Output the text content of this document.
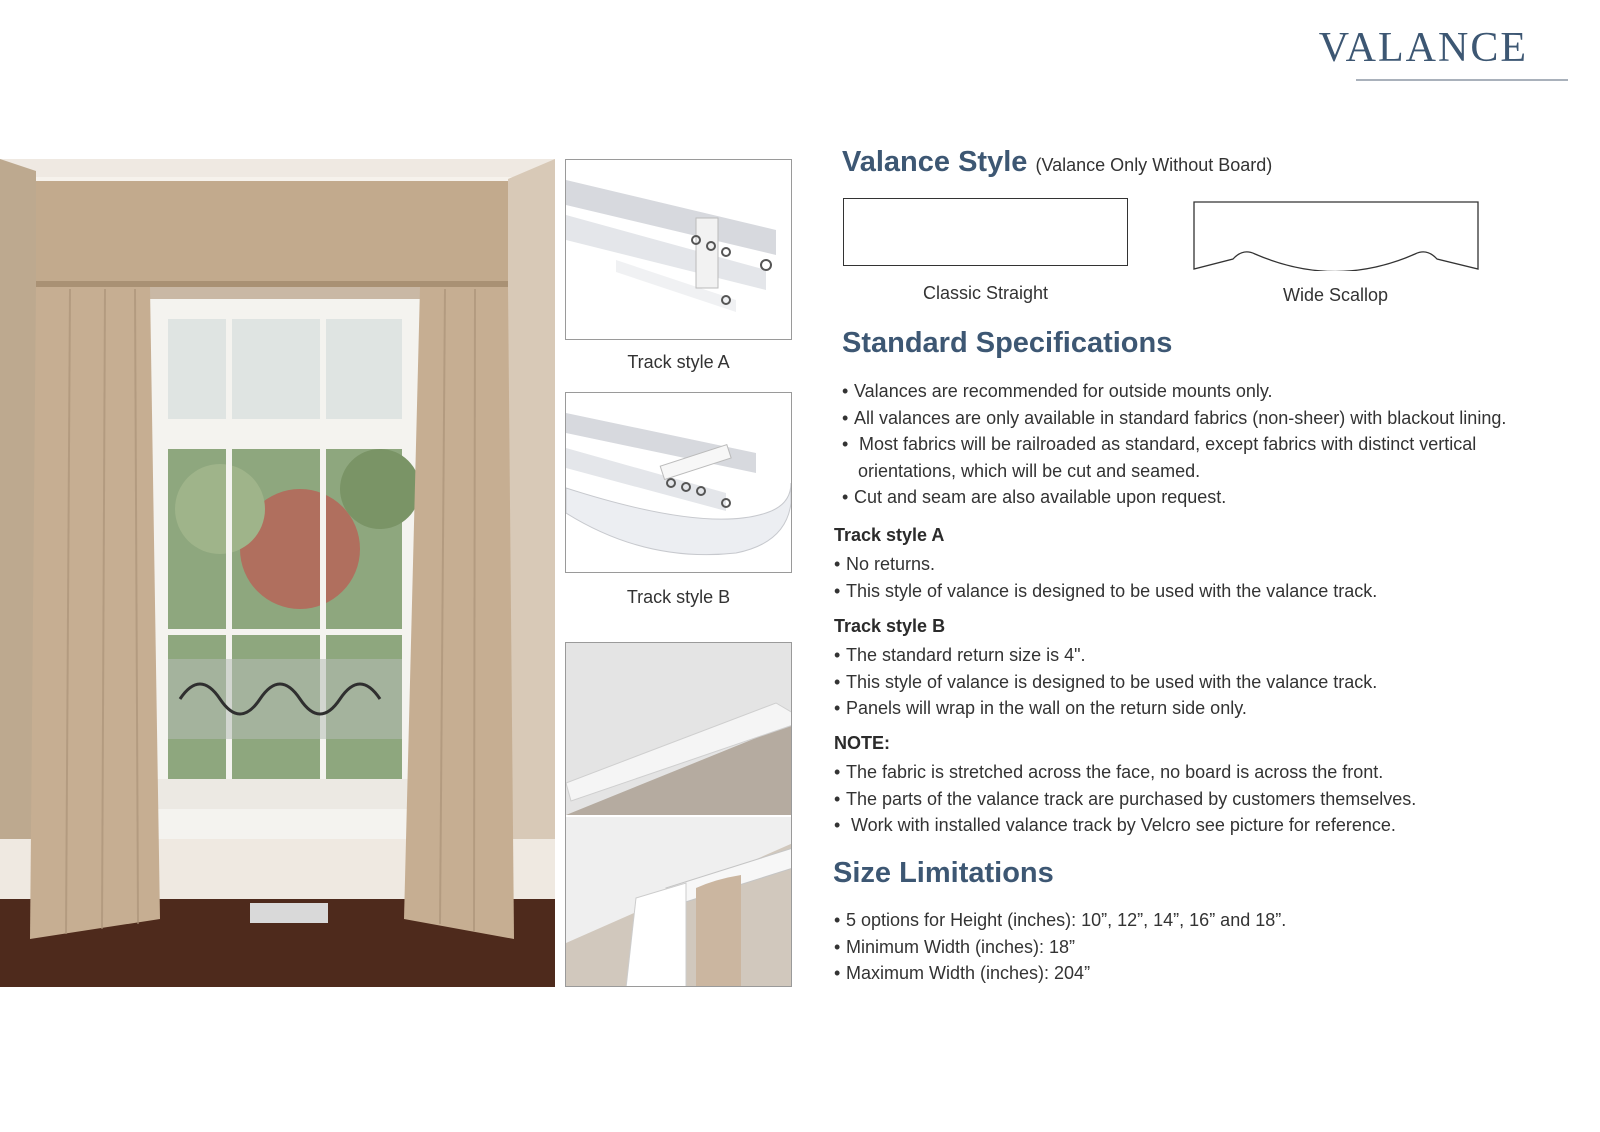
VALANCE
Track style A
Track style B
Valance Style (Valance Only Without Board)
Classic Straight	Wide Scallop
Standard Specifications
• Valances are recommended for outside mounts only.
• All valances are only available in standard fabrics (non-sheer) with blackout lining.
• Most fabrics will be railroaded as standard, except fabrics with distinct vertical
orientations, which will be cut and seamed.
• Cut and seam are also available upon request.
Track style A
• No returns.
• This style of valance is designed to be used with the valance track.
Track style B
• The standard return size is 4".
• This style of valance is designed to be used with the valance track.
• Panels will wrap in the wall on the return side only.
NOTE:
• The fabric is stretched across the face, no board is across the front.
• The parts of the valance track are purchased by customers themselves.
• Work with installed valance track by Velcro see picture for reference.
Size Limitations
• 5 options for Height (inches): 10”, 12”, 14”, 16” and 18”.
• Minimum Width (inches): 18”
• Maximum Width (inches): 204”
